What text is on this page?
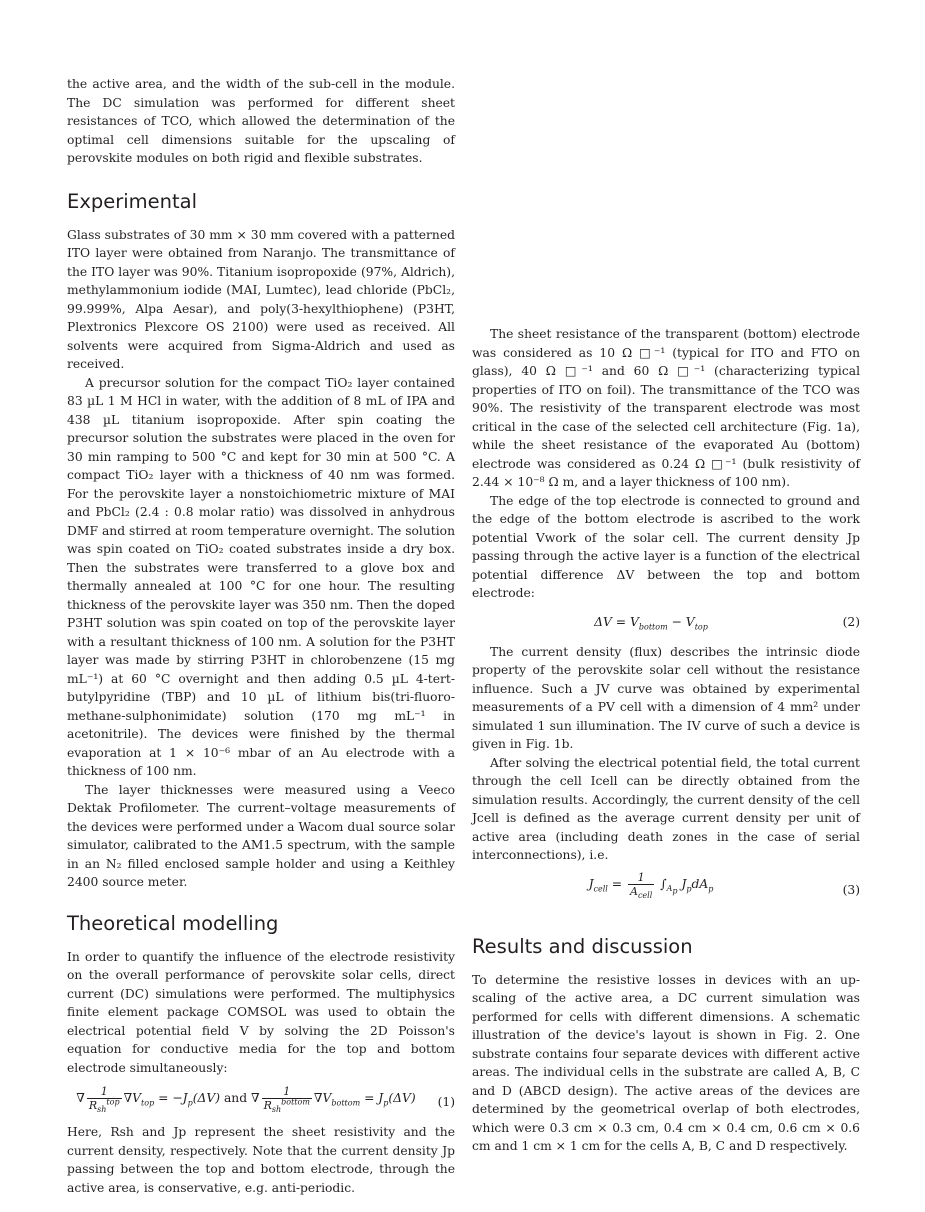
the active area, and the width of the sub-cell in the module. The DC simulation was performed for different sheet resistances of TCO, which allowed the determination of the optimal cell dimensions suitable for the upscaling of perovskite modules on both rigid and flexible substrates.

Experimental

Glass substrates of 30 mm × 30 mm covered with a patterned ITO layer were obtained from Naranjo. The transmittance of the ITO layer was 90%. Titanium isopropoxide (97%, Aldrich), methylammonium iodide (MAI, Lumtec), lead chloride (PbCl₂, 99.999%, Alpa Aesar), and poly(3-hexylthiophene) (P3HT, Plextronics Plexcore OS 2100) were used as received. All solvents were acquired from Sigma-Aldrich and used as received.

A precursor solution for the compact TiO₂ layer contained 83 µL 1 M HCl in water, with the addition of 8 mL of IPA and 438 µL titanium isopropoxide. After spin coating the precursor solution the substrates were placed in the oven for 30 min ramping to 500 °C and kept for 30 min at 500 °C. A compact TiO₂ layer with a thickness of 40 nm was formed. For the perovskite layer a nonstoichiometric mixture of MAI and PbCl₂ (2.4 : 0.8 molar ratio) was dissolved in anhydrous DMF and stirred at room temperature overnight. The solution was spin coated on TiO₂ coated substrates inside a dry box. Then the substrates were transferred to a glove box and thermally annealed at 100 °C for one hour. The resulting thickness of the perovskite layer was 350 nm. Then the doped P3HT solution was spin coated on top of the perovskite layer with a resultant thickness of 100 nm. A solution for the P3HT layer was made by stirring P3HT in chlorobenzene (15 mg mL⁻¹) at 60 °C overnight and then adding 0.5 µL 4-tert-butylpyridine (TBP) and 10 µL of lithium bis(tri-fluoro-methane-sulphonimidate) solution (170 mg mL⁻¹ in acetonitrile). The devices were finished by the thermal evaporation at 1 × 10⁻⁶ mbar of an Au electrode with a thickness of 100 nm.

The layer thicknesses were measured using a Veeco Dektak Profilometer. The current–voltage measurements of the devices were performed under a Wacom dual source solar simulator, calibrated to the AM1.5 spectrum, with the sample in an N₂ filled enclosed sample holder and using a Keithley 2400 source meter.

Theoretical modelling

In order to quantify the influence of the electrode resistivity on the overall performance of perovskite solar cells, direct current (DC) simulations were performed. The multiphysics finite element package COMSOL was used to obtain the electrical potential field V by solving the 2D Poisson's equation for conductive media for the top and bottom electrode simultaneously:

∇ $\frac{1}{R_{sh}^{top}} \nabla V_{top} = -J_p(\Delta V)$ and ∇ $\frac{1}{R_{sh}^{bottom}} \nabla V_{bottom} = J_p(\Delta V)$	(1)

Here, Rsh and Jp represent the sheet resistivity and the current density, respectively. Note that the current density Jp passing between the top and bottom electrode, through the active area, is conservative, e.g. anti-periodic.

The sheet resistance of the transparent (bottom) electrode was considered as 10 Ω □⁻¹ (typical for ITO and FTO on glass), 40 Ω □⁻¹ and 60 Ω □⁻¹ (characterizing typical properties of ITO on foil). The transmittance of the TCO was 90%. The resistivity of the transparent electrode was most critical in the case of the selected cell architecture (Fig. 1a), while the sheet resistance of the evaporated Au (bottom) electrode was considered as 0.24 Ω □⁻¹ (bulk resistivity of 2.44 × 10⁻⁸ Ω m, and a layer thickness of 100 nm).

The edge of the top electrode is connected to ground and the edge of the bottom electrode is ascribed to the work potential Vwork of the solar cell. The current density Jp passing through the active layer is a function of the electrical potential difference ΔV between the top and bottom electrode:

$\Delta V = V_{bottom} - V_{top}$	(2)

The current density (flux) describes the intrinsic diode property of the perovskite solar cell without the resistance influence. Such a JV curve was obtained by experimental measurements of a PV cell with a dimension of 4 mm² under simulated 1 sun illumination. The IV curve of such a device is given in Fig. 1b.

After solving the electrical potential field, the total current through the cell Icell can be directly obtained from the simulation results. Accordingly, the current density of the cell Jcell is defined as the average current density per unit of active area (including death zones in the case of serial interconnections), i.e.

$J_{cell} = \frac{1}{A_{cell}} \int_{A_p}$ $J_pdA_p$	(3)
Results and discussion

To determine the resistive losses in devices with an up-scaling of the active area, a DC current simulation was performed for cells with different dimensions. A schematic illustration of the device's layout is shown in Fig. 2. One substrate contains four separate devices with different active areas. The individual cells in the substrate are called A, B, C and D (ABCD design). The active areas of the devices are determined by the geometrical overlap of both electrodes, which were 0.3 cm × 0.3 cm, 0.4 cm × 0.4 cm, 0.6 cm × 0.6 cm and 1 cm × 1 cm for the cells A, B, C and D respectively.
